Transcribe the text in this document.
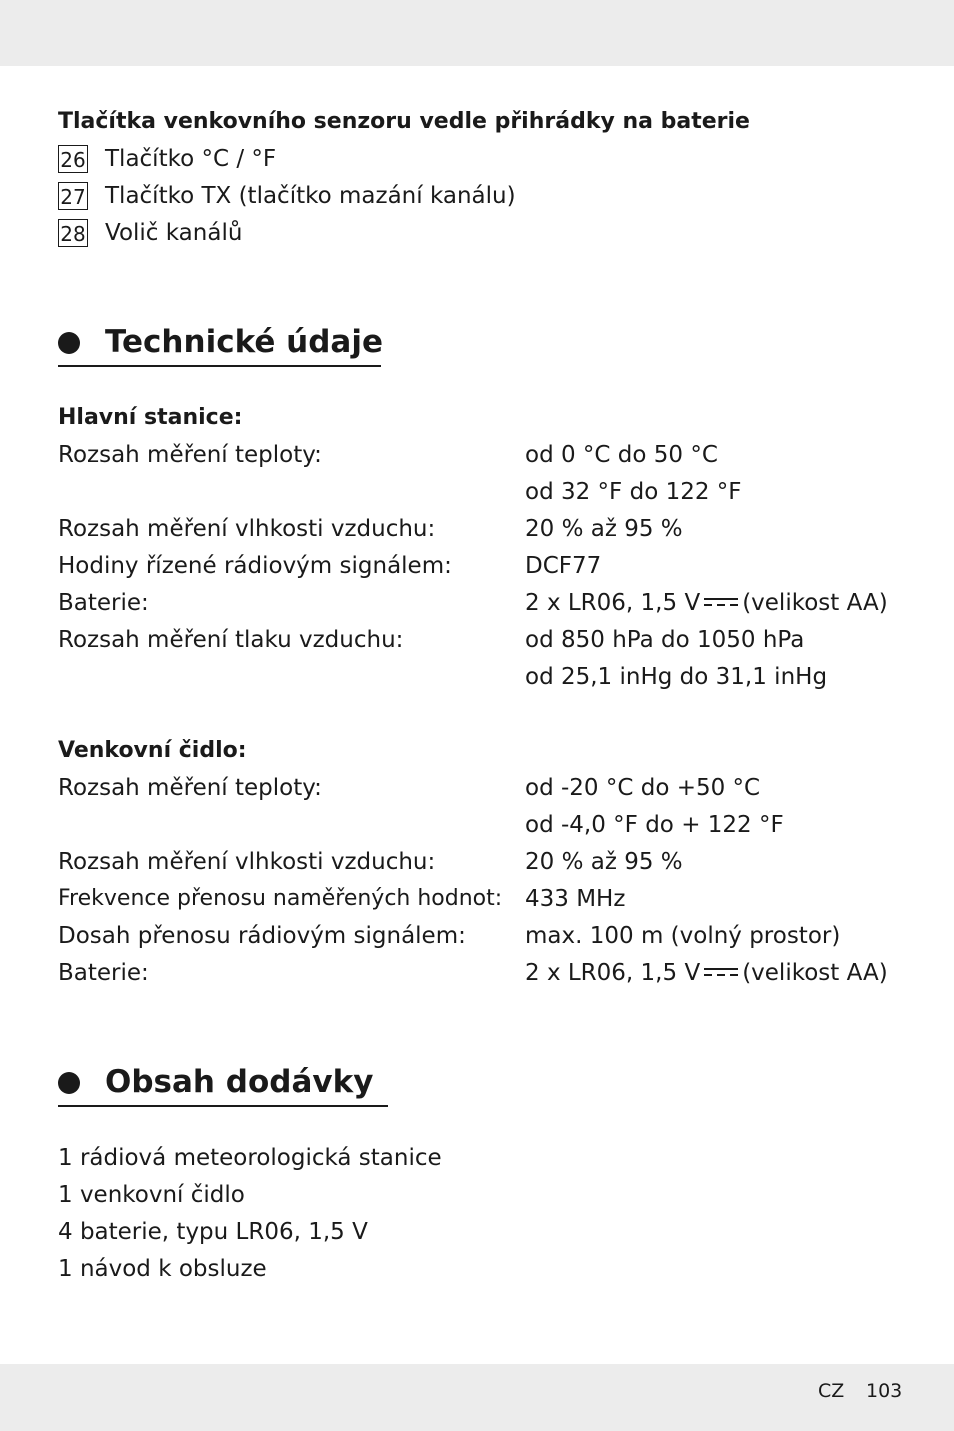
Tlačítka venkovního senzoru vedle přihrádky na baterie
26 Tlačítko °C / °F
27 Tlačítko TX (tlačítko mazání kanálu)
28 Volič kanálů
Technické údaje
Hlavní stanice:
Rozsah měření teploty:	od 0 °C do 50 °C
od 32 °F do 122 °F
Rozsah měření vlhkosti vzduchu:	20 % až 95 %
Hodiny řízené rádiovým signálem:	DCF77
Baterie:	2 x LR06, 1,5 V (velikost AA)
Rozsah měření tlaku vzduchu:	od 850 hPa do 1050 hPa
od 25,1 inHg do 31,1 inHg
Venkovní čidlo:
Rozsah měření teploty:	od -20 °C do +50 °C
od -4,0 °F do + 122 °F
Rozsah měření vlhkosti vzduchu:	20 % až 95 %
Frekvence přenosu naměřených hodnot: 433 MHz
Dosah přenosu rádiovým signálem:	max. 100 m (volný prostor)
Baterie:	2 x LR06, 1,5 V (velikost AA)
Obsah dodávky
1 rádiová meteorologická stanice
1 venkovní čidlo
4 baterie, typu LR06, 1,5 V
1 návod k obsluze
CZ 103
